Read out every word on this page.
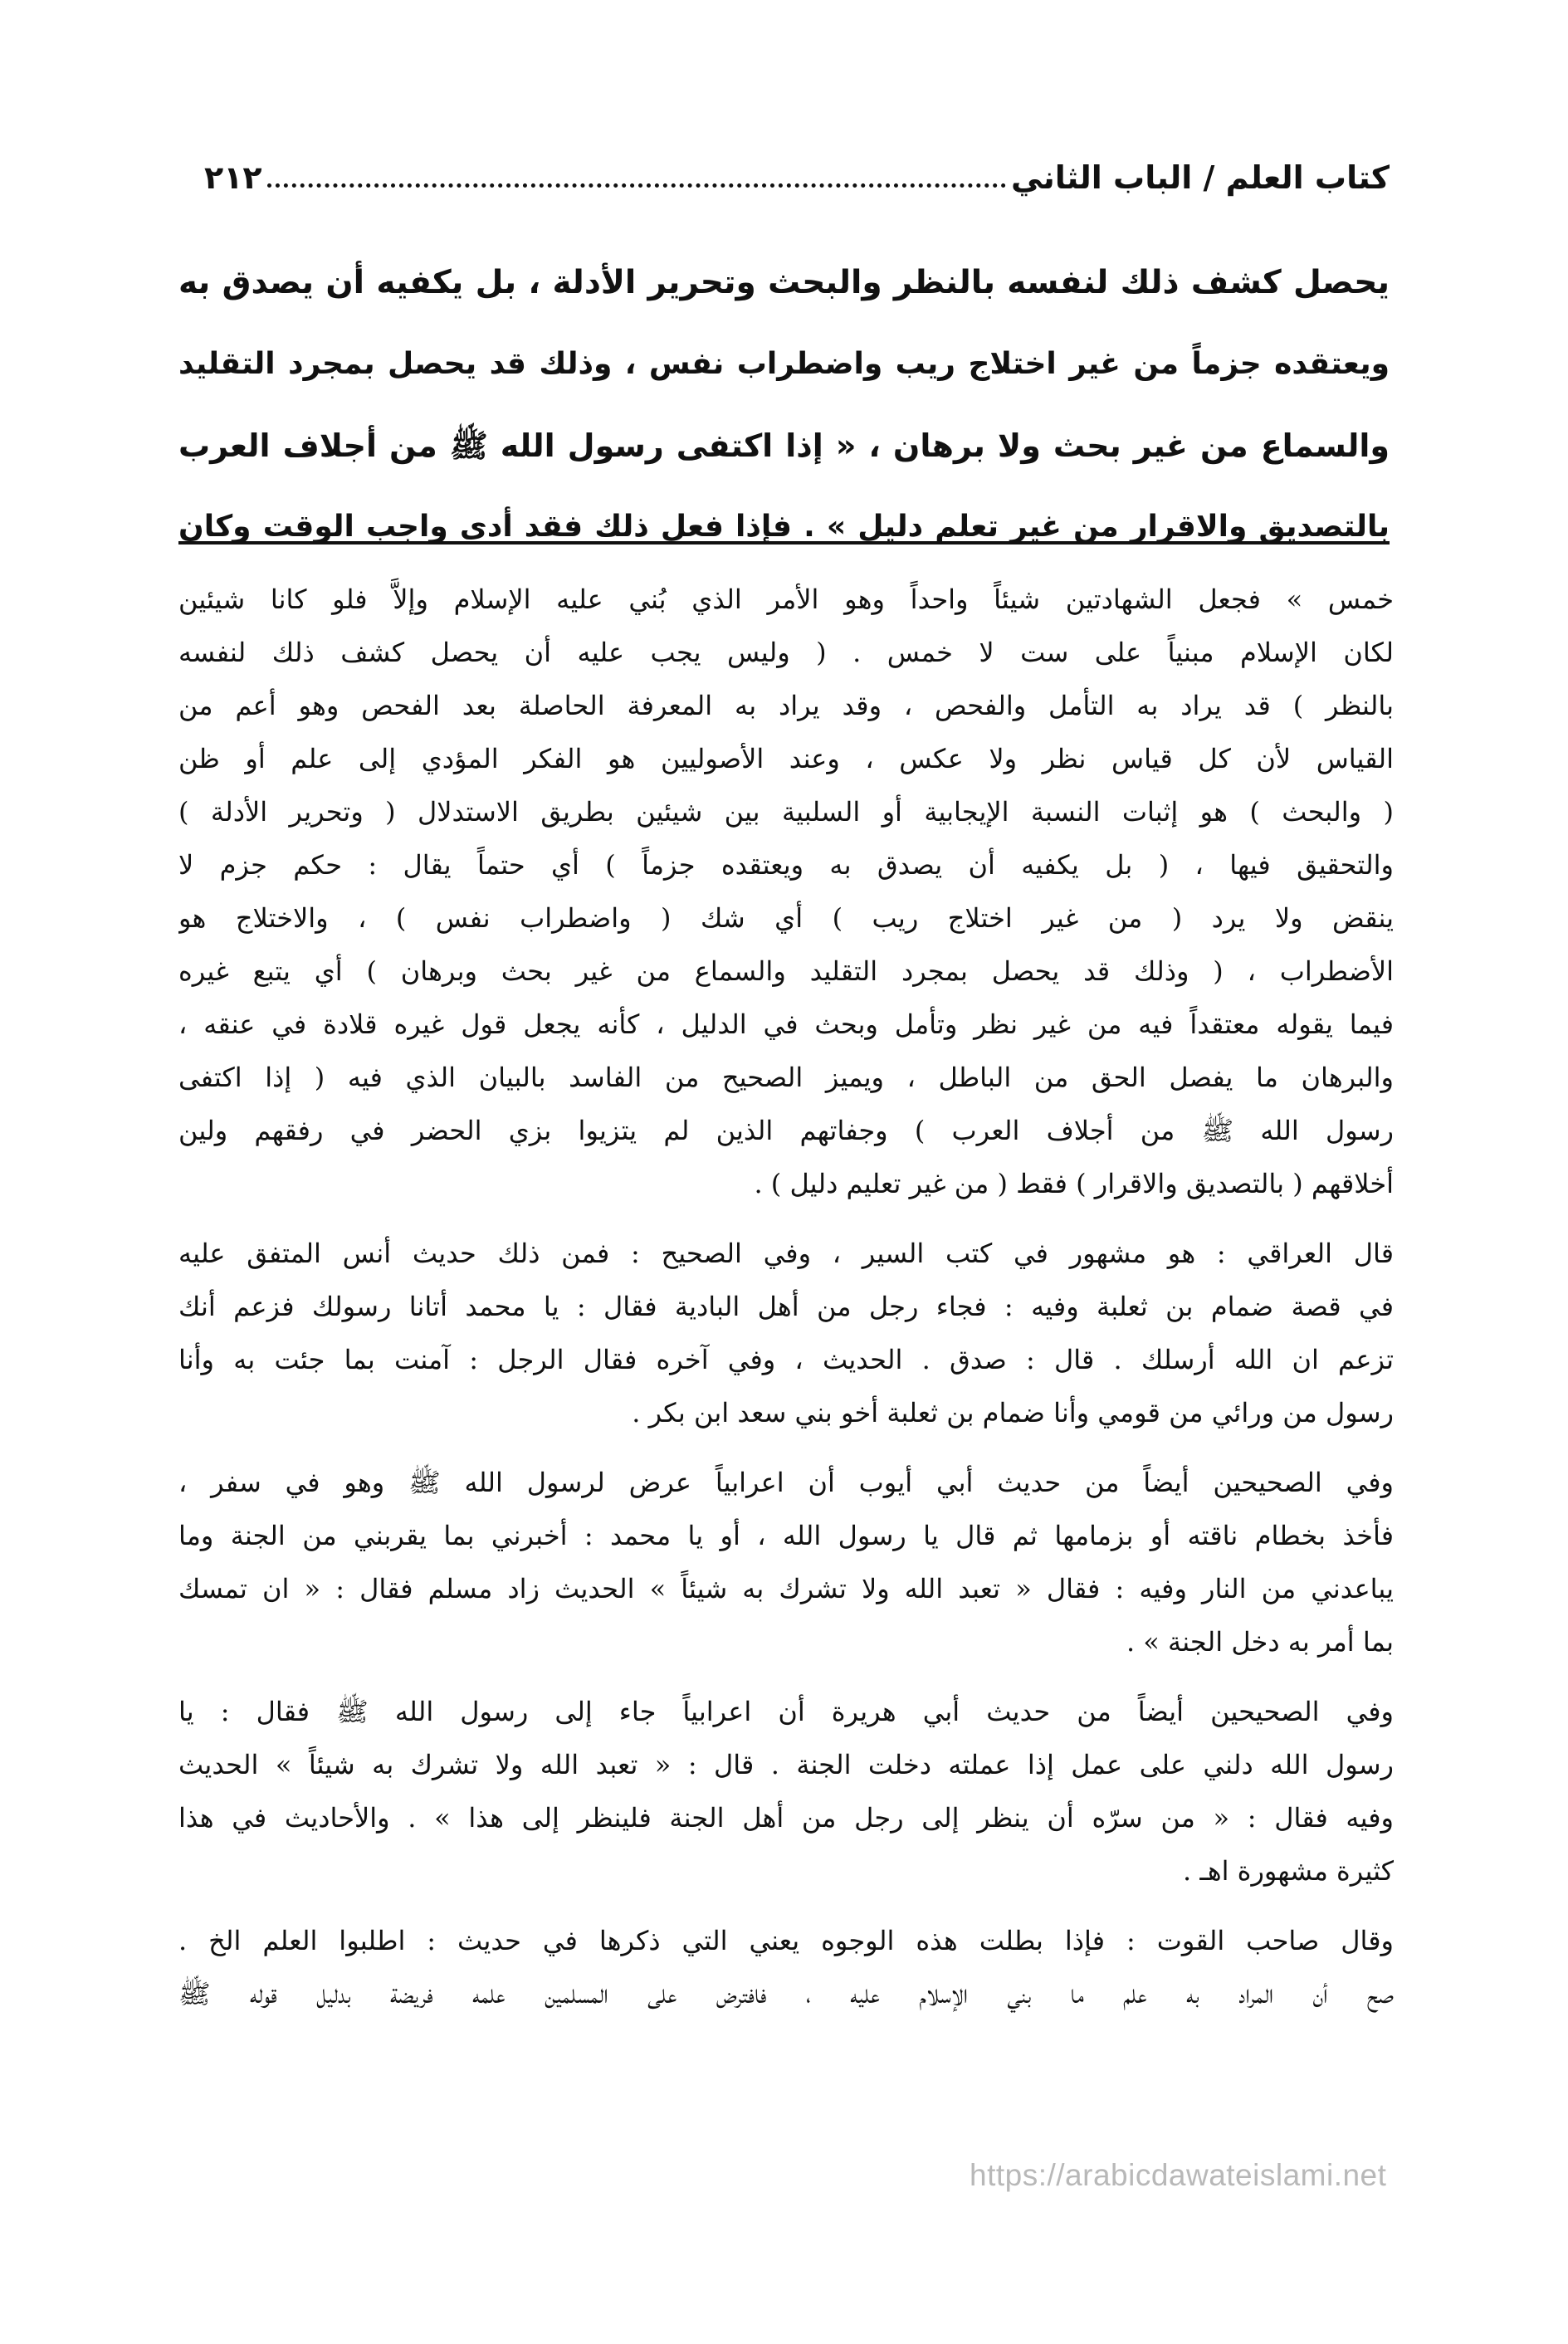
كتاب العلم / الباب الثاني
٢١٢
يحصل كشف ذلك لنفسه بالنظر والبحث وتحرير الأدلة ، بل يكفيه أن يصدق به
ويعتقده جزماً من غير اختلاج ريب واضطراب نفس ، وذلك قد يحصل بمجرد التقليد
والسماع من غير بحث ولا برهان ، « إذا اكتفى رسول الله ﷺ من أجلاف العرب
بالتصديق والاقرار من غير تعلم دليل » . فإذا فعل ذلك فقد أدى واجب الوقت وكان
خمس » فجعل الشهادتين شيئاً واحداً وهو الأمر الذي بُني عليه الإسلام وإلاَّ فلو كانا شيئين
لكان الإسلام مبنياً على ست لا خمس . ( وليس يجب عليه أن يحصل كشف ذلك لنفسه
بالنظر ) قد يراد به التأمل والفحص ، وقد يراد به المعرفة الحاصلة بعد الفحص وهو أعم من
القياس لأن كل قياس نظر ولا عكس ، وعند الأصوليين هو الفكر المؤدي إلى علم أو ظن
( والبحث ) هو إثبات النسبة الإيجابية أو السلبية بين شيئين بطريق الاستدلال ( وتحرير الأدلة )
والتحقيق فيها ، ( بل يكفيه أن يصدق به ويعتقده جزماً ) أي حتماً يقال : حكم جزم لا
ينقض ولا يرد ( من غير اختلاج ريب ) أي شك ( واضطراب نفس ) ، والاختلاج هو
الأضطراب ، ( وذلك قد يحصل بمجرد التقليد والسماع من غير بحث وبرهان ) أي يتبع غيره
فيما يقوله معتقداً فيه من غير نظر وتأمل وبحث في الدليل ، كأنه يجعل قول غيره قلادة في عنقه ،
والبرهان ما يفصل الحق من الباطل ، ويميز الصحيح من الفاسد بالبيان الذي فيه ( إذا اكتفى
رسول الله ﷺ من أجلاف العرب ) وجفاتهم الذين لم يتزيوا بزي الحضر في رفقهم ولين
أخلاقهم ( بالتصديق والاقرار ) فقط ( من غير تعليم دليل ) .
قال العراقي : هو مشهور في كتب السير ، وفي الصحيح : فمن ذلك حديث أنس المتفق عليه
في قصة ضمام بن ثعلبة وفيه : فجاء رجل من أهل البادية فقال : يا محمد أتانا رسولك فزعم أنك
تزعم ان الله أرسلك . قال : صدق . الحديث ، وفي آخره فقال الرجل : آمنت بما جئت به وأنا
رسول من ورائي من قومي وأنا ضمام بن ثعلبة أخو بني سعد ابن بكر .
وفي الصحيحين أيضاً من حديث أبي أيوب أن اعرابياً عرض لرسول الله ﷺ وهو في سفر ،
فأخذ بخطام ناقته أو بزمامها ثم قال يا رسول الله ، أو يا محمد : أخبرني بما يقربني من الجنة وما
يباعدني من النار وفيه : فقال « تعبد الله ولا تشرك به شيئاً » الحديث زاد مسلم فقال : « ان تمسك
بما أمر به دخل الجنة » .
وفي الصحيحين أيضاً من حديث أبي هريرة أن اعرابياً جاء إلى رسول الله ﷺ فقال : يا
رسول الله دلني على عمل إذا عملته دخلت الجنة . قال : « تعبد الله ولا تشرك به شيئاً » الحديث
وفيه فقال : « من سرّه أن ينظر إلى رجل من أهل الجنة فلينظر إلى هذا » . والأحاديث في هذا
كثيرة مشهورة اهـ .
وقال صاحب القوت : فإذا بطلت هذه الوجوه يعني التي ذكرها في حديث : اطلبوا العلم الخ .
صح أن المراد به علم ما بني الإسلام عليه ، فافترض على المسلمين علمه فريضة بدليل قوله ﷺ
https://arabicdawateislami.net
